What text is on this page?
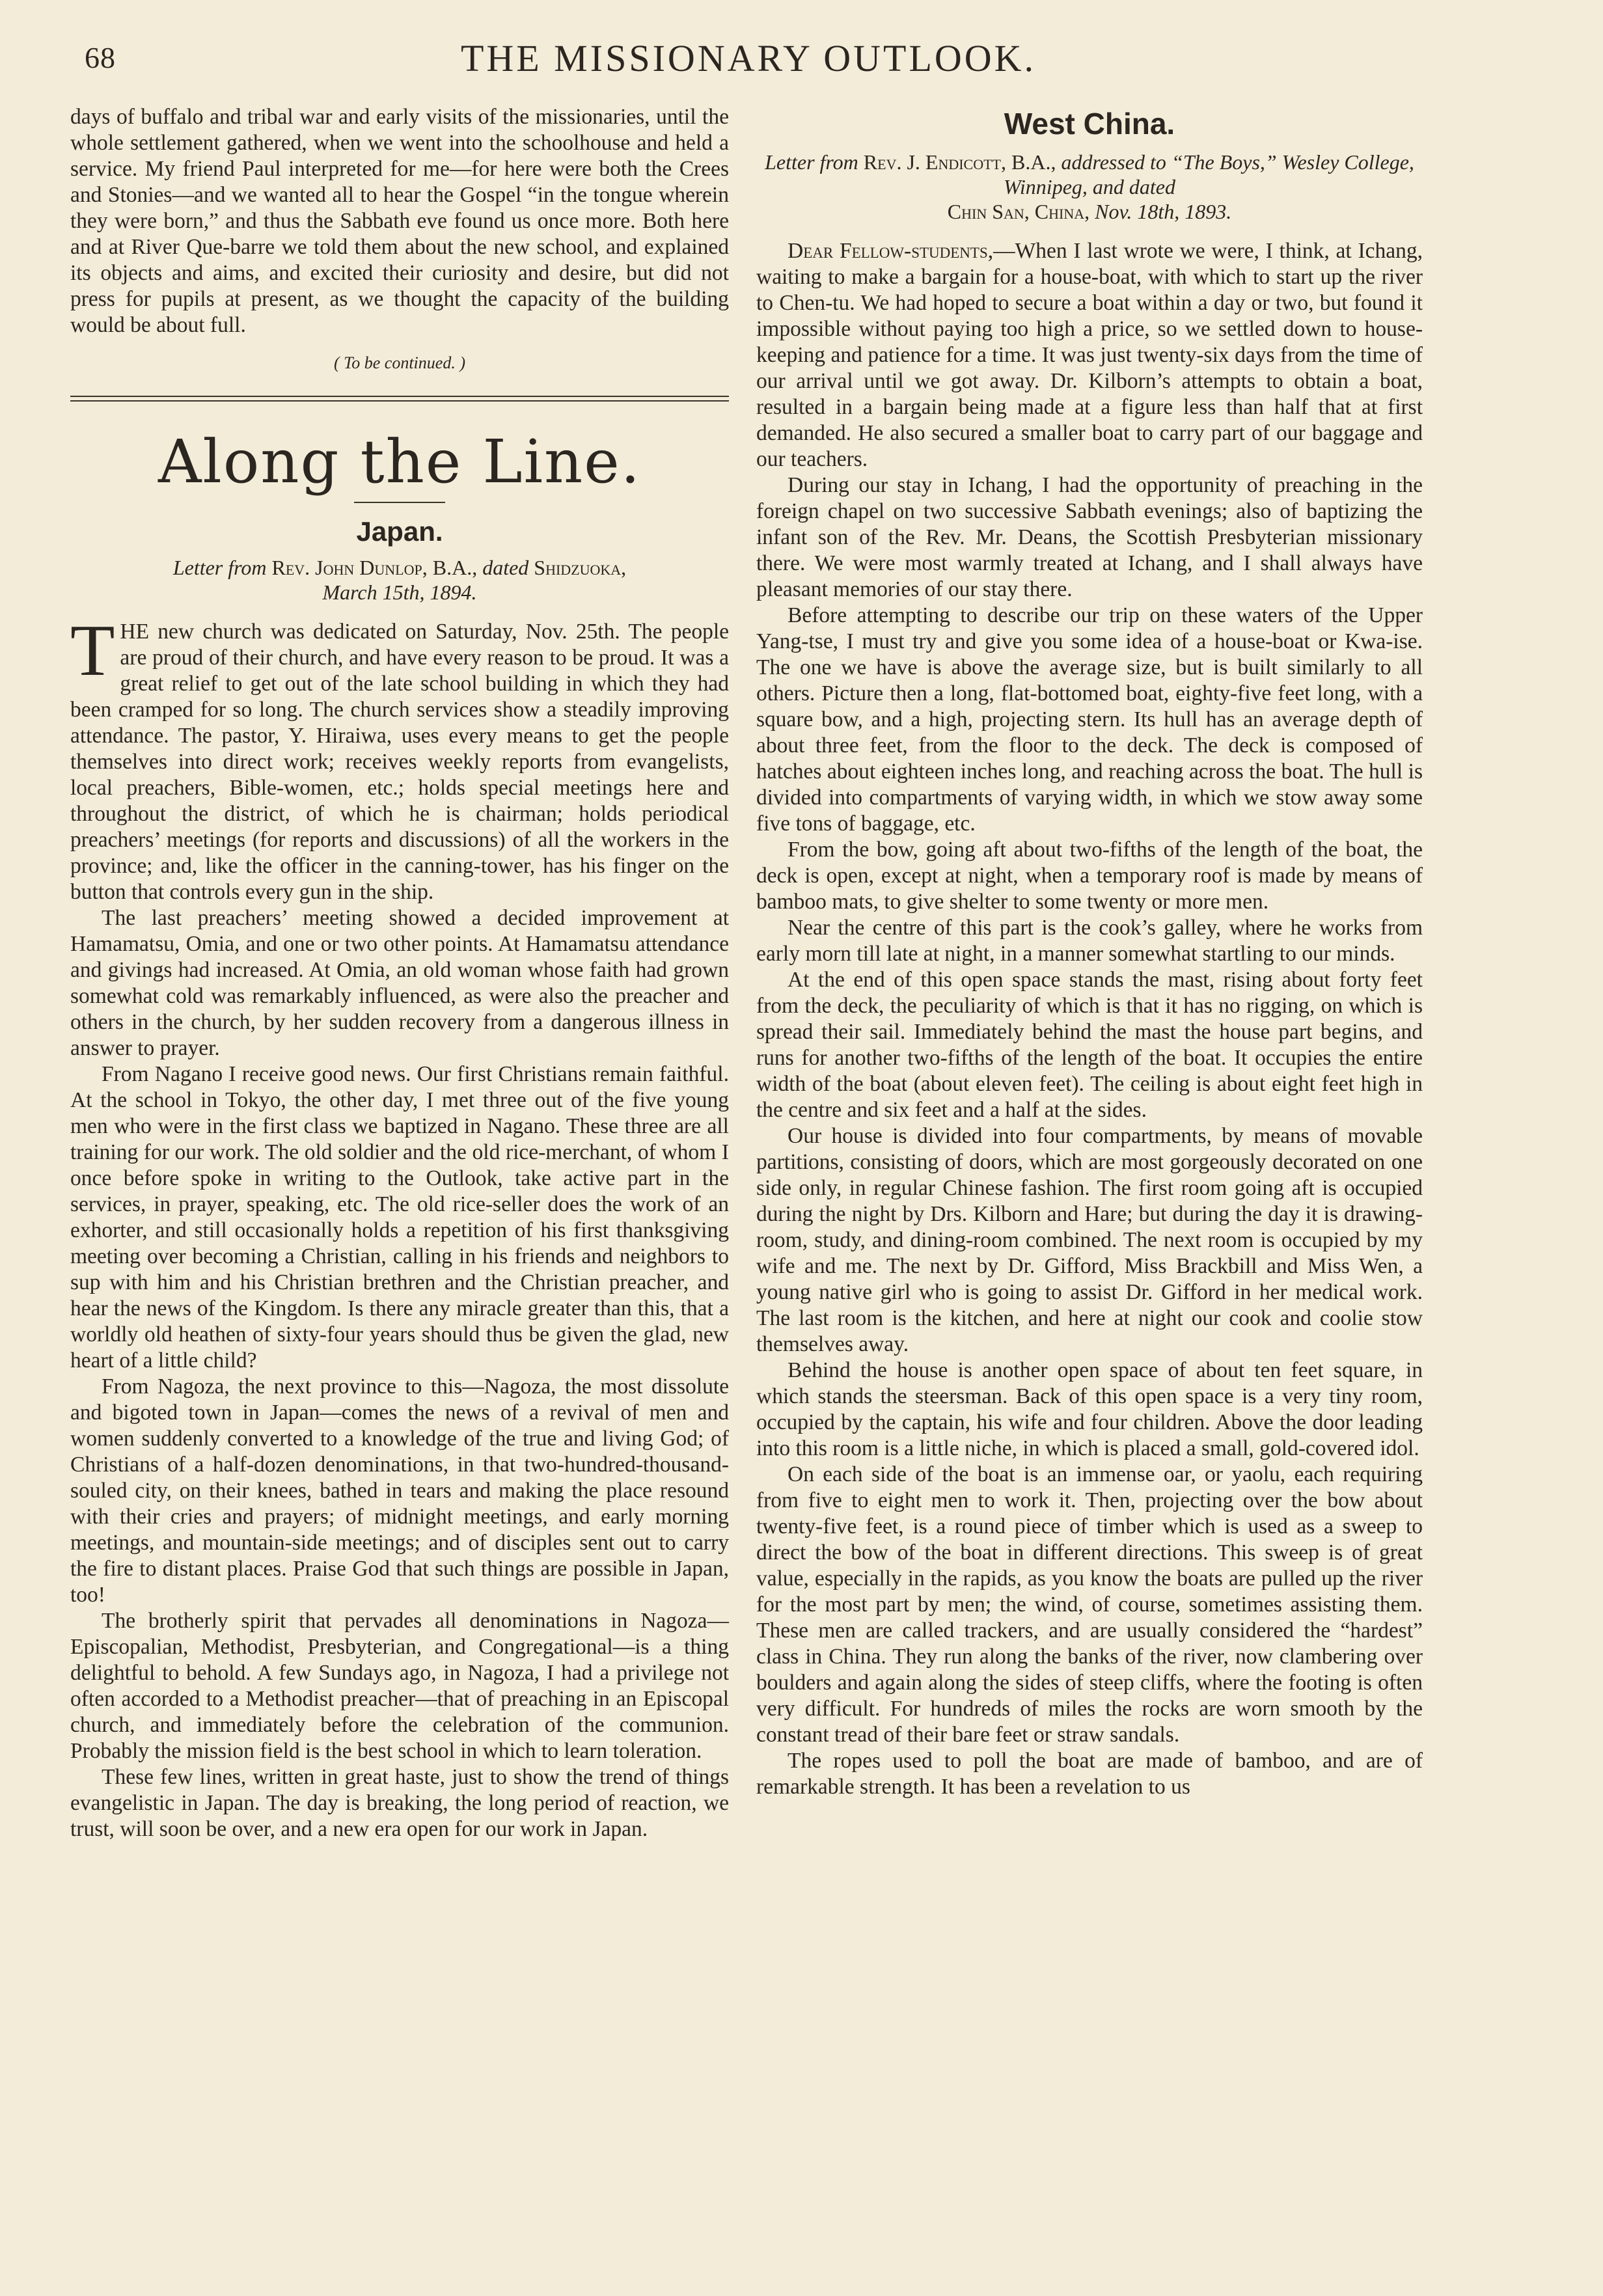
68	THE MISSIONARY OUTLOOK.

days of buffalo and tribal war and early visits of the missionaries, until the whole settlement gathered, when we went into the schoolhouse and held a service. My friend Paul interpreted for me—for here were both the Crees and Stonies—and we wanted all to hear the Gospel “in the tongue wherein they were born,” and thus the Sabbath eve found us once more. Both here and at River Que-barre we told them about the new school, and explained its objects and aims, and excited their curiosity and desire, but did not press for pupils at present, as we thought the capacity of the building would be about full.

( To be continued. )
Along the Line.
Japan.
Letter from Rev. John Dunlop, B.A., dated Shidzuoka,
March 15th, 1894.

THE new church was dedicated on Saturday, Nov. 25th. The people are proud of their church, and have every reason to be proud. It was a great relief to get out of the late school building in which they had been cramped for so long. The church services show a steadily improving attendance. The pastor, Y. Hiraiwa, uses every means to get the people themselves into direct work; receives weekly reports from evangelists, local preachers, Bible-women, etc.; holds special meetings here and throughout the district, of which he is chairman; holds periodical preachers’ meetings (for reports and discussions) of all the workers in the province; and, like the officer in the canning-tower, has his finger on the button that controls every gun in the ship.

The last preachers’ meeting showed a decided improvement at Hamamatsu, Omia, and one or two other points. At Hamamatsu attendance and givings had increased. At Omia, an old woman whose faith had grown somewhat cold was remarkably influenced, as were also the preacher and others in the church, by her sudden recovery from a dangerous illness in answer to prayer.

From Nagano I receive good news. Our first Christians remain faithful. At the school in Tokyo, the other day, I met three out of the five young men who were in the first class we baptized in Nagano. These three are all training for our work. The old soldier and the old rice-merchant, of whom I once before spoke in writing to the Outlook, take active part in the services, in prayer, speaking, etc. The old rice-seller does the work of an exhorter, and still occasionally holds a repetition of his first thanksgiving meeting over becoming a Christian, calling in his friends and neighbors to sup with him and his Christian brethren and the Christian preacher, and hear the news of the Kingdom. Is there any miracle greater than this, that a worldly old heathen of sixty-four years should thus be given the glad, new heart of a little child?

From Nagoza, the next province to this—Nagoza, the most dissolute and bigoted town in Japan—comes the news of a revival of men and women suddenly converted to a knowledge of the true and living God; of Christians of a half-dozen denominations, in that two-hundred-thousand-souled city, on their knees, bathed in tears and making the place resound with their cries and prayers; of midnight meetings, and early morning meetings, and mountain-side meetings; and of disciples sent out to carry the fire to distant places. Praise God that such things are possible in Japan, too!

The brotherly spirit that pervades all denominations in Nagoza—Episcopalian, Methodist, Presbyterian, and Congregational—is a thing delightful to behold. A few Sundays ago, in Nagoza, I had a privilege not often accorded to a Methodist preacher—that of preaching in an Episcopal church, and immediately before the celebration of the communion. Probably the mission field is the best school in which to learn toleration.

These few lines, written in great haste, just to show the trend of things evangelistic in Japan. The day is breaking, the long period of reaction, we trust, will soon be over, and a new era open for our work in Japan.

West China.
Letter from Rev. J. Endicott, B.A., addressed to “The Boys,” Wesley College, Winnipeg, and dated
Chin San, China, Nov. 18th, 1893.

Dear Fellow-students,—When I last wrote we were, I think, at Ichang, waiting to make a bargain for a house-boat, with which to start up the river to Chen-tu. We had hoped to secure a boat within a day or two, but found it impossible without paying too high a price, so we settled down to house-keeping and patience for a time. It was just twenty-six days from the time of our arrival until we got away. Dr. Kilborn’s attempts to obtain a boat, resulted in a bargain being made at a figure less than half that at first demanded. He also secured a smaller boat to carry part of our baggage and our teachers.

During our stay in Ichang, I had the opportunity of preaching in the foreign chapel on two successive Sabbath evenings; also of baptizing the infant son of the Rev. Mr. Deans, the Scottish Presbyterian missionary there. We were most warmly treated at Ichang, and I shall always have pleasant memories of our stay there.

Before attempting to describe our trip on these waters of the Upper Yang-tse, I must try and give you some idea of a house-boat or Kwa-ise. The one we have is above the average size, but is built similarly to all others. Picture then a long, flat-bottomed boat, eighty-five feet long, with a square bow, and a high, projecting stern. Its hull has an average depth of about three feet, from the floor to the deck. The deck is composed of hatches about eighteen inches long, and reaching across the boat. The hull is divided into compartments of varying width, in which we stow away some five tons of baggage, etc.

From the bow, going aft about two-fifths of the length of the boat, the deck is open, except at night, when a temporary roof is made by means of bamboo mats, to give shelter to some twenty or more men.

Near the centre of this part is the cook’s galley, where he works from early morn till late at night, in a manner somewhat startling to our minds.

At the end of this open space stands the mast, rising about forty feet from the deck, the peculiarity of which is that it has no rigging, on which is spread their sail. Immediately behind the mast the house part begins, and runs for another two-fifths of the length of the boat. It occupies the entire width of the boat (about eleven feet). The ceiling is about eight feet high in the centre and six feet and a half at the sides.

Our house is divided into four compartments, by means of movable partitions, consisting of doors, which are most gorgeously decorated on one side only, in regular Chinese fashion. The first room going aft is occupied during the night by Drs. Kilborn and Hare; but during the day it is drawing-room, study, and dining-room combined. The next room is occupied by my wife and me. The next by Dr. Gifford, Miss Brackbill and Miss Wen, a young native girl who is going to assist Dr. Gifford in her medical work. The last room is the kitchen, and here at night our cook and coolie stow themselves away.

Behind the house is another open space of about ten feet square, in which stands the steersman. Back of this open space is a very tiny room, occupied by the captain, his wife and four children. Above the door leading into this room is a little niche, in which is placed a small, gold-covered idol.

On each side of the boat is an immense oar, or yaolu, each requiring from five to eight men to work it. Then, projecting over the bow about twenty-five feet, is a round piece of timber which is used as a sweep to direct the bow of the boat in different directions. This sweep is of great value, especially in the rapids, as you know the boats are pulled up the river for the most part by men; the wind, of course, sometimes assisting them. These men are called trackers, and are usually considered the “hardest” class in China. They run along the banks of the river, now clambering over boulders and again along the sides of steep cliffs, where the footing is often very difficult. For hundreds of miles the rocks are worn smooth by the constant tread of their bare feet or straw sandals.

The ropes used to poll the boat are made of bamboo, and are of remarkable strength. It has been a revelation to us
